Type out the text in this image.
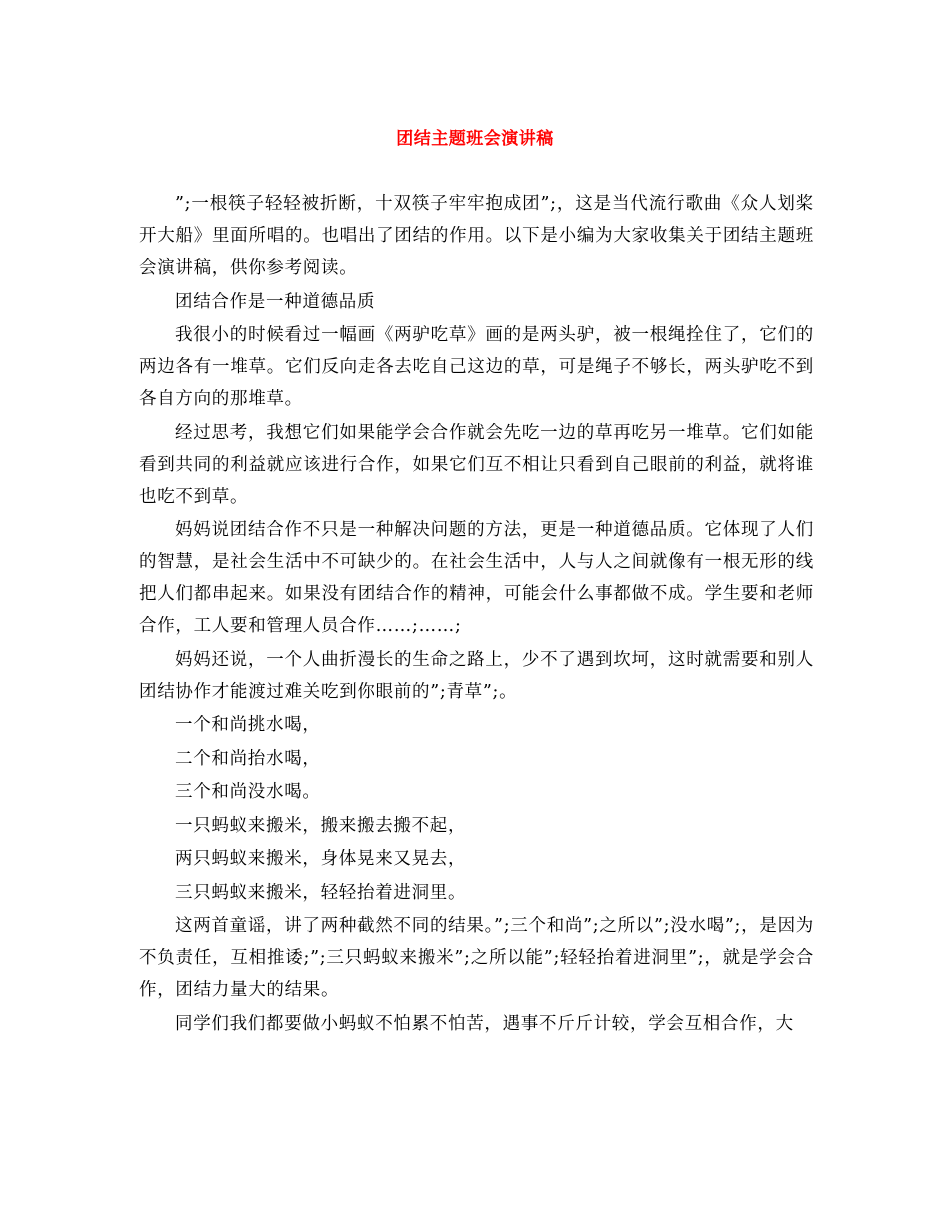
团结主题班会演讲稿

”;一根筷子轻轻被折断，十双筷子牢牢抱成团”;，这是当代流行歌曲《众人划桨开大船》里面所唱的。也唱出了团结的作用。以下是小编为大家收集关于团结主题班会演讲稿，供你参考阅读。

团结合作是一种道德品质

我很小的时候看过一幅画《两驴吃草》画的是两头驴，被一根绳拴住了，它们的两边各有一堆草。它们反向走各去吃自己这边的草，可是绳子不够长，两头驴吃不到各自方向的那堆草。

经过思考，我想它们如果能学会合作就会先吃一边的草再吃另一堆草。它们如能看到共同的利益就应该进行合作，如果它们互不相让只看到自己眼前的利益，就将谁也吃不到草。

妈妈说团结合作不只是一种解决问题的方法，更是一种道德品质。它体现了人们的智慧，是社会生活中不可缺少的。在社会生活中，人与人之间就像有一根无形的线把人们都串起来。如果没有团结合作的精神，可能会什么事都做不成。学生要和老师合作，工人要和管理人员合作……;……;

妈妈还说，一个人曲折漫长的生命之路上，少不了遇到坎坷，这时就需要和别人团结协作才能渡过难关吃到你眼前的”;青草”;。

一个和尚挑水喝，

二个和尚抬水喝，

三个和尚没水喝。

一只蚂蚁来搬米，搬来搬去搬不起，

两只蚂蚁来搬米，身体晃来又晃去，

三只蚂蚁来搬米，轻轻抬着进洞里。

这两首童谣，讲了两种截然不同的结果。”;三个和尚”;之所以”;没水喝”;，是因为不负责任，互相推诿;”;三只蚂蚁来搬米”;之所以能”;轻轻抬着进洞里”;，就是学会合作，团结力量大的结果。

同学们我们都要做小蚂蚁不怕累不怕苦，遇事不斤斤计较，学会互相合作，大
